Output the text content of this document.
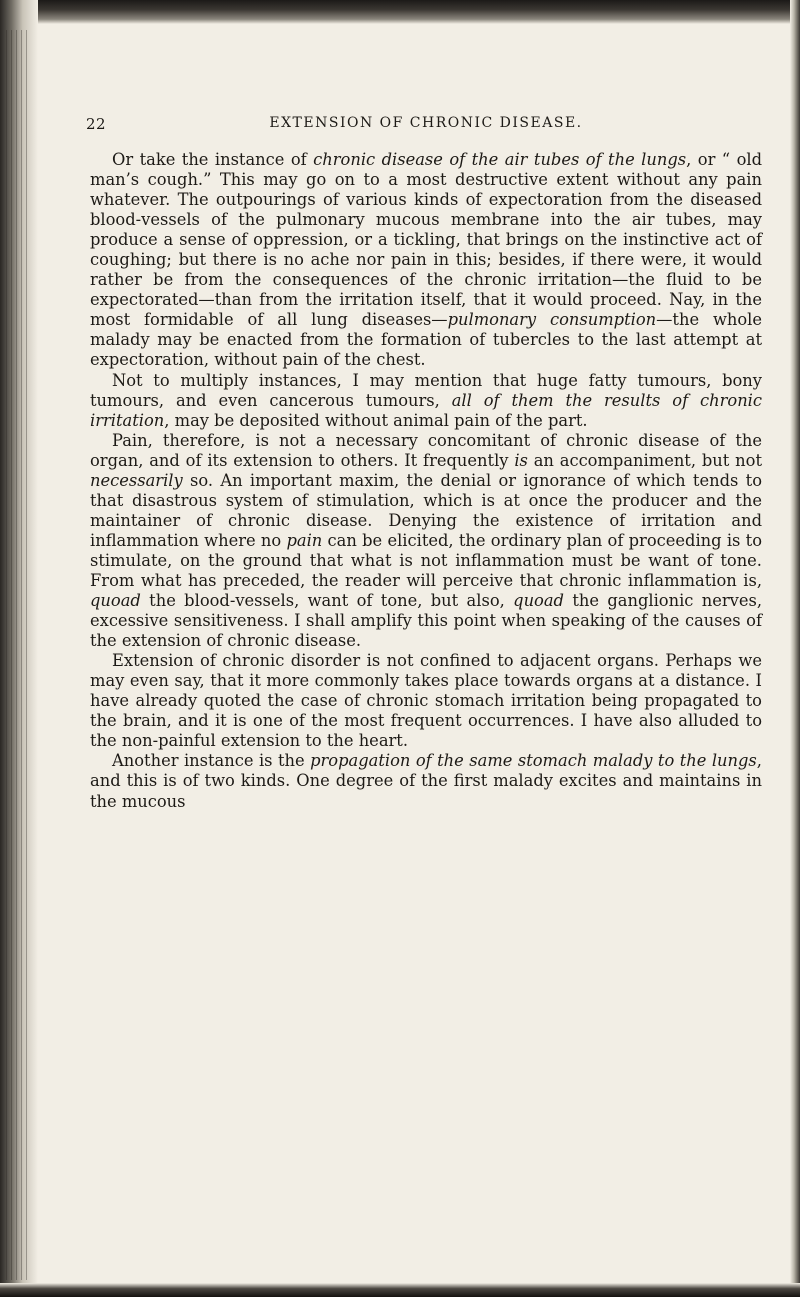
22	EXTENSION OF CHRONIC DISEASE.

Or take the instance of chronic disease of the air tubes of the lungs, or “ old man’s cough.” This may go on to a most destructive extent without any pain whatever. The outpourings of various kinds of expectoration from the diseased blood-vessels of the pulmonary mucous membrane into the air tubes, may produce a sense of oppression, or a tickling, that brings on the instinctive act of coughing; but there is no ache nor pain in this; besides, if there were, it would rather be from the consequences of the chronic irritation—the fluid to be expectorated—than from the irritation itself, that it would proceed. Nay, in the most formidable of all lung diseases—pulmonary consumption—the whole malady may be enacted from the formation of tubercles to the last attempt at expectoration, without pain of the chest.

Not to multiply instances, I may mention that huge fatty tumours, bony tumours, and even cancerous tumours, all of them the results of chronic irritation, may be deposited without animal pain of the part.

Pain, therefore, is not a necessary concomitant of chronic disease of the organ, and of its extension to others. It frequently is an accompaniment, but not necessarily so. An important maxim, the denial or ignorance of which tends to that disastrous system of stimulation, which is at once the producer and the maintainer of chronic disease. Denying the existence of irritation and inflammation where no pain can be elicited, the ordinary plan of proceeding is to stimulate, on the ground that what is not inflammation must be want of tone. From what has preceded, the reader will perceive that chronic inflammation is, quoad the blood-vessels, want of tone, but also, quoad the ganglionic nerves, excessive sensitiveness. I shall amplify this point when speaking of the causes of the extension of chronic disease.

Extension of chronic disorder is not confined to adjacent organs. Perhaps we may even say, that it more commonly takes place towards organs at a distance. I have already quoted the case of chronic stomach irritation being propagated to the brain, and it is one of the most frequent occurrences. I have also alluded to the non-painful extension to the heart.

Another instance is the propagation of the same stomach malady to the lungs, and this is of two kinds. One degree of the first malady excites and maintains in the mucous
